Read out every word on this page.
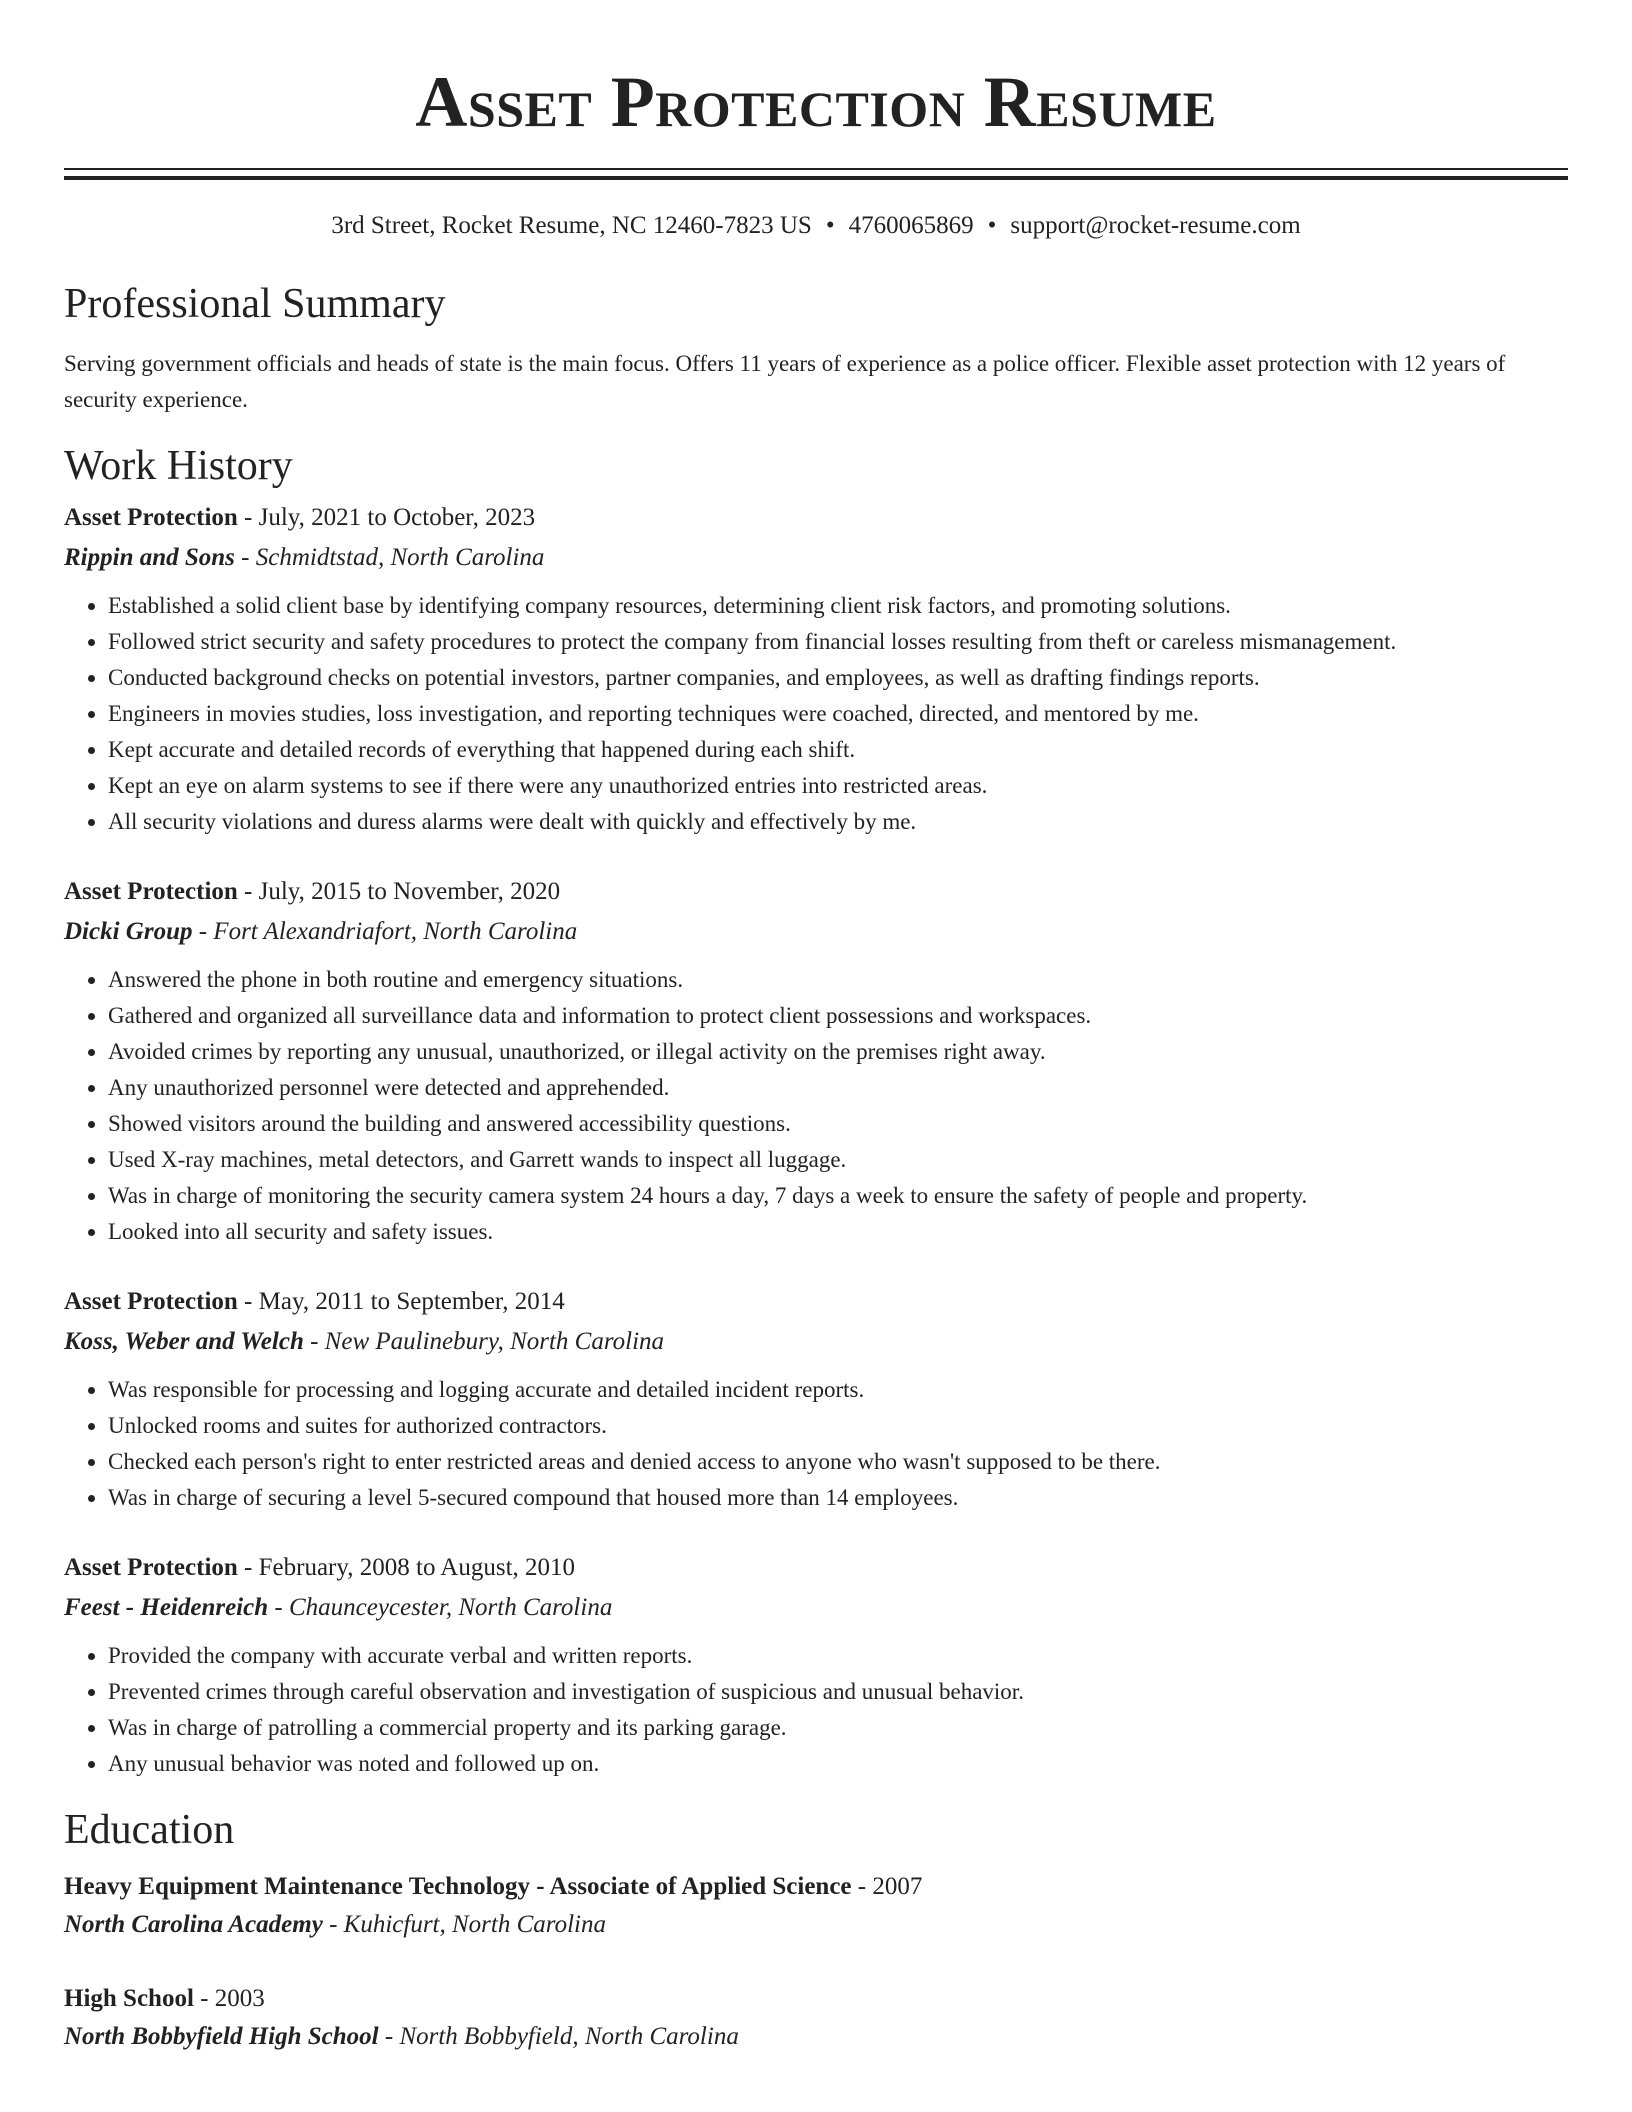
Asset Protection Resume
3rd Street, Rocket Resume, NC 12460-7823 US • 4760065869 • support@rocket-resume.com
Professional Summary

Serving government officials and heads of state is the main focus. Offers 11 years of experience as a police officer. Flexible asset protection with 12 years of security experience.

Work History
Asset Protection - July, 2021 to October, 2023
Rippin and Sons - Schmidtstad, North Carolina
• Established a solid client base by identifying company resources, determining client risk factors, and promoting solutions.
• Followed strict security and safety procedures to protect the company from financial losses resulting from theft or careless mismanagement.
• Conducted background checks on potential investors, partner companies, and employees, as well as drafting findings reports.
• Engineers in movies studies, loss investigation, and reporting techniques were coached, directed, and mentored by me.
• Kept accurate and detailed records of everything that happened during each shift.
• Kept an eye on alarm systems to see if there were any unauthorized entries into restricted areas.
• All security violations and duress alarms were dealt with quickly and effectively by me.
Asset Protection - July, 2015 to November, 2020
Dicki Group - Fort Alexandriafort, North Carolina
• Answered the phone in both routine and emergency situations.
• Gathered and organized all surveillance data and information to protect client possessions and workspaces.
• Avoided crimes by reporting any unusual, unauthorized, or illegal activity on the premises right away.
• Any unauthorized personnel were detected and apprehended.
• Showed visitors around the building and answered accessibility questions.
• Used X-ray machines, metal detectors, and Garrett wands to inspect all luggage.
• Was in charge of monitoring the security camera system 24 hours a day, 7 days a week to ensure the safety of people and property.
• Looked into all security and safety issues.
Asset Protection - May, 2011 to September, 2014
Koss, Weber and Welch - New Paulinebury, North Carolina
• Was responsible for processing and logging accurate and detailed incident reports.
• Unlocked rooms and suites for authorized contractors.
• Checked each person's right to enter restricted areas and denied access to anyone who wasn't supposed to be there.
• Was in charge of securing a level 5-secured compound that housed more than 14 employees.
Asset Protection - February, 2008 to August, 2010
Feest - Heidenreich - Chaunceycester, North Carolina
• Provided the company with accurate verbal and written reports.
• Prevented crimes through careful observation and investigation of suspicious and unusual behavior.
• Was in charge of patrolling a commercial property and its parking garage.
• Any unusual behavior was noted and followed up on.
Education
Heavy Equipment Maintenance Technology - Associate of Applied Science - 2007
North Carolina Academy - Kuhicfurt, North Carolina
High School - 2003
North Bobbyfield High School - North Bobbyfield, North Carolina
